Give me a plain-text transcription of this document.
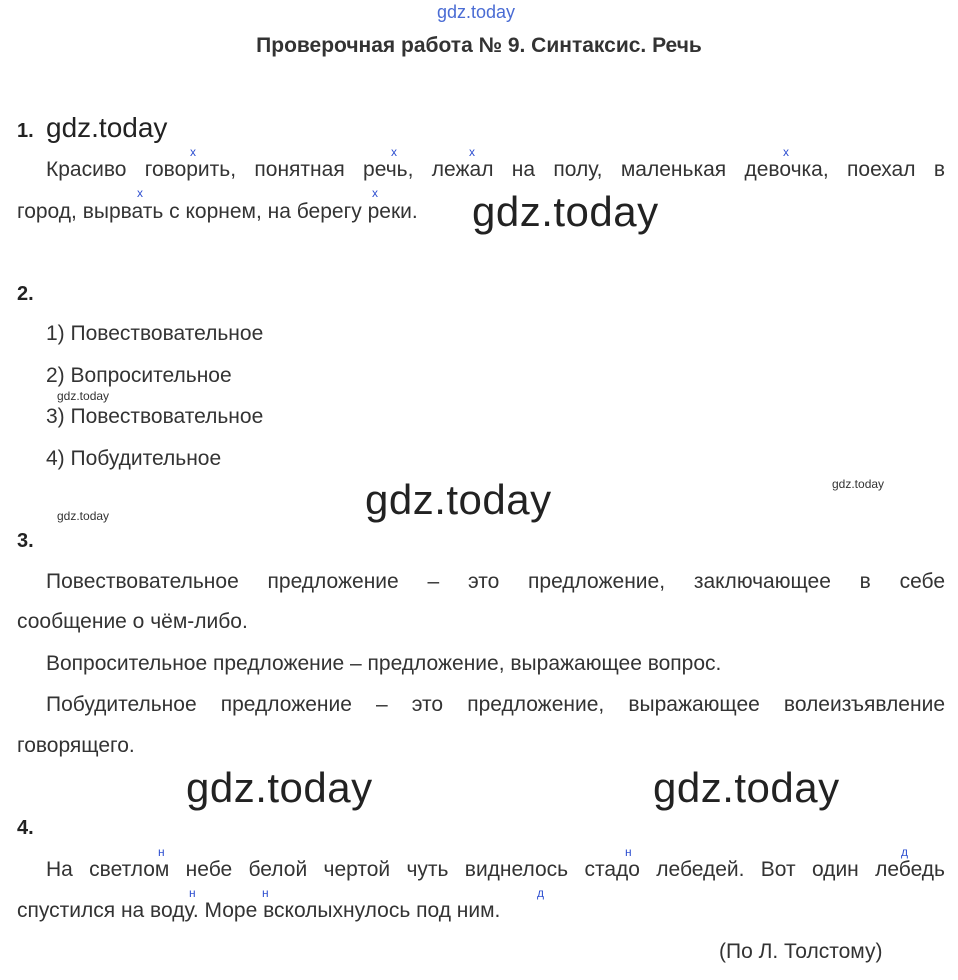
gdz.today
Проверочная работа № 9. Синтаксис. Речь
1. gdz.today
х	х	х	х
х	х
Красиво говорить, понятная речь, лежал на полу, маленькая девочка, поехал в
город, вырвать с корнем, на берегу реки. gdz.today
2.
1) Повествовательное
2) Вопросительное
gdz.today
3) Повествовательное
4) Побудительное
gdz.today	gdz.today
gdz.today
3.
Повествовательное предложение – это предложение, заключающее в себе
сообщение о чём-либо.
Вопросительное предложение – предложение, выражающее вопрос.
Побудительное предложение – это предложение, выражающее волеизъявление
говорящего.
gdz.today	gdz.today
4.
н	н	д
н	н	д
На светлом небе белой чертой чуть виднелось стадо лебедей. Вот один лебедь
спустился на воду. Море всколыхнулось под ним.
(По Л. Толстому)
